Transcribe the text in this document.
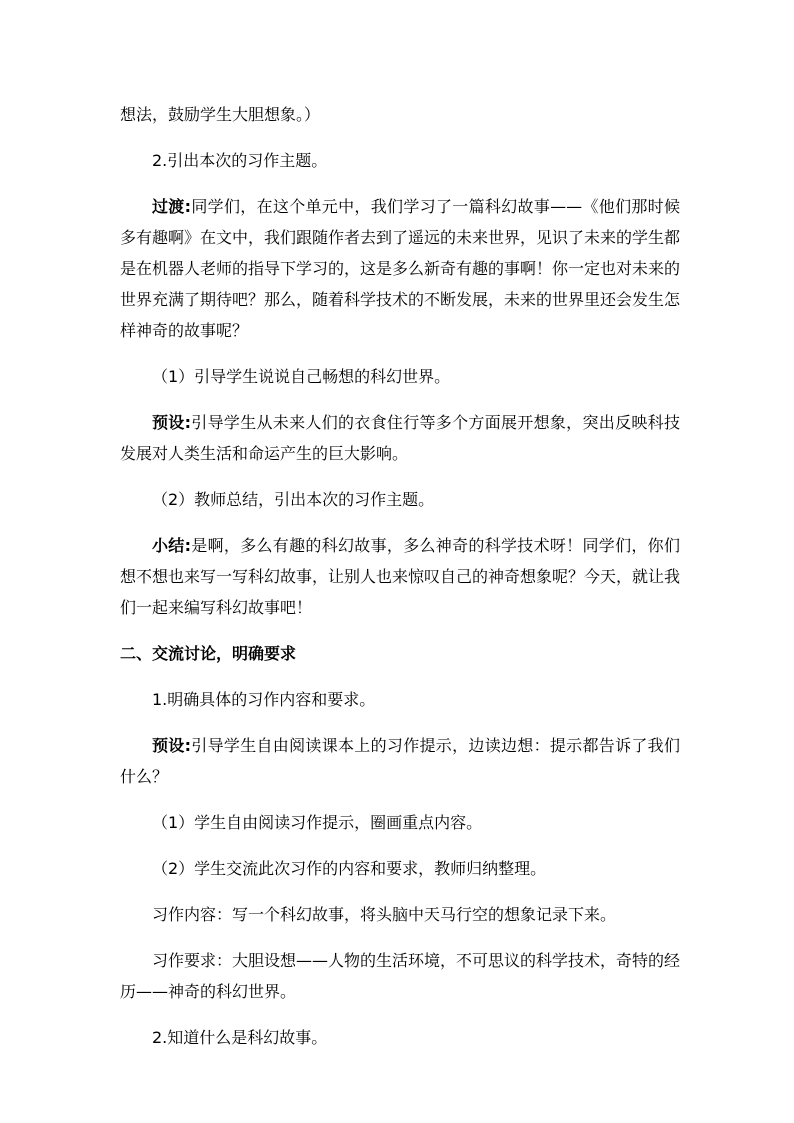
想法，鼓励学生大胆想象。）

2.引出本次的习作主题。

过渡:同学们，在这个单元中，我们学习了一篇科幻故事——《他们那时候多有趣啊》在文中，我们跟随作者去到了遥远的未来世界，见识了未来的学生都是在机器人老师的指导下学习的，这是多么新奇有趣的事啊！你一定也对未来的世界充满了期待吧？那么，随着科学技术的不断发展，未来的世界里还会发生怎样神奇的故事呢？

（1）引导学生说说自己畅想的科幻世界。

预设:引导学生从未来人们的衣食住行等多个方面展开想象，突出反映科技发展对人类生活和命运产生的巨大影响。

（2）教师总结，引出本次的习作主题。

小结:是啊，多么有趣的科幻故事，多么神奇的科学技术呀！同学们，你们想不想也来写一写科幻故事，让别人也来惊叹自己的神奇想象呢？今天，就让我们一起来编写科幻故事吧！

二、交流讨论，明确要求

1.明确具体的习作内容和要求。

预设:引导学生自由阅读课本上的习作提示，边读边想：提示都告诉了我们什么？

（1）学生自由阅读习作提示，圈画重点内容。

（2）学生交流此次习作的内容和要求，教师归纳整理。

习作内容：写一个科幻故事，将头脑中天马行空的想象记录下来。

习作要求：大胆设想——人物的生活环境，不可思议的科学技术，奇特的经历——神奇的科幻世界。

2.知道什么是科幻故事。
